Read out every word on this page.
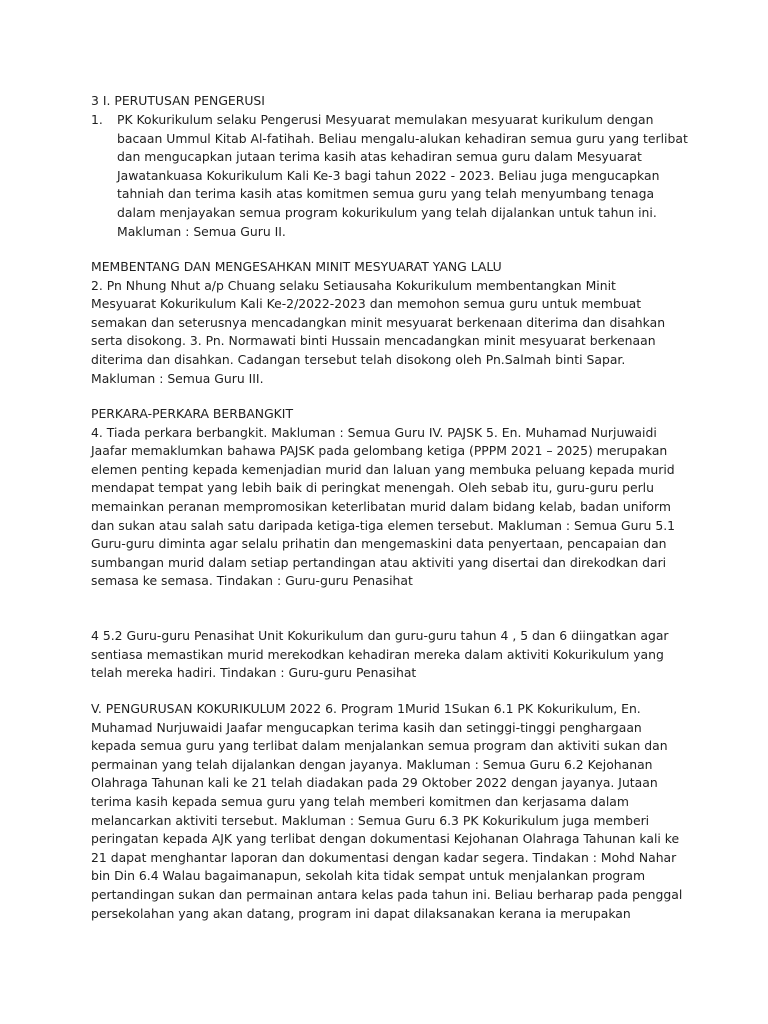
3 I. PERUTUSAN PENGERUSI
1. PK Kokurikulum selaku Pengerusi Mesyuarat memulakan mesyuarat kurikulum dengan
bacaan Ummul Kitab Al-fatihah. Beliau mengalu-alukan kehadiran semua guru yang terlibat
dan mengucapkan jutaan terima kasih atas kehadiran semua guru dalam Mesyuarat
Jawatankuasa Kokurikulum Kali Ke-3 bagi tahun 2022 - 2023. Beliau juga mengucapkan
tahniah dan terima kasih atas komitmen semua guru yang telah menyumbang tenaga
dalam menjayakan semua program kokurikulum yang telah dijalankan untuk tahun ini.
Makluman : Semua Guru II.
MEMBENTANG DAN MENGESAHKAN MINIT MESYUARAT YANG LALU
2. Pn Nhung Nhut a/p Chuang selaku Setiausaha Kokurikulum membentangkan Minit
Mesyuarat Kokurikulum Kali Ke-2/2022-2023 dan memohon semua guru untuk membuat
semakan dan seterusnya mencadangkan minit mesyuarat berkenaan diterima dan disahkan
serta disokong. 3. Pn. Normawati binti Hussain mencadangkan minit mesyuarat berkenaan
diterima dan disahkan. Cadangan tersebut telah disokong oleh Pn.Salmah binti Sapar.
Makluman : Semua Guru III.
PERKARA-PERKARA BERBANGKIT
4. Tiada perkara berbangkit. Makluman : Semua Guru IV. PAJSK 5. En. Muhamad Nurjuwaidi
Jaafar memaklumkan bahawa PAJSK pada gelombang ketiga (PPPM 2021 – 2025) merupakan
elemen penting kepada kemenjadian murid dan laluan yang membuka peluang kepada murid
mendapat tempat yang lebih baik di peringkat menengah. Oleh sebab itu, guru-guru perlu
memainkan peranan mempromosikan keterlibatan murid dalam bidang kelab, badan uniform
dan sukan atau salah satu daripada ketiga-tiga elemen tersebut. Makluman : Semua Guru 5.1
Guru-guru diminta agar selalu prihatin dan mengemaskini data penyertaan, pencapaian dan
sumbangan murid dalam setiap pertandingan atau aktiviti yang disertai dan direkodkan dari
semasa ke semasa. Tindakan : Guru-guru Penasihat
4 5.2 Guru-guru Penasihat Unit Kokurikulum dan guru-guru tahun 4 , 5 dan 6 diingatkan agar
sentiasa memastikan murid merekodkan kehadiran mereka dalam aktiviti Kokurikulum yang
telah mereka hadiri. Tindakan : Guru-guru Penasihat
V. PENGURUSAN KOKURIKULUM 2022 6. Program 1Murid 1Sukan 6.1 PK Kokurikulum, En.
Muhamad Nurjuwaidi Jaafar mengucapkan terima kasih dan setinggi-tinggi penghargaan
kepada semua guru yang terlibat dalam menjalankan semua program dan aktiviti sukan dan
permainan yang telah dijalankan dengan jayanya. Makluman : Semua Guru 6.2 Kejohanan
Olahraga Tahunan kali ke 21 telah diadakan pada 29 Oktober 2022 dengan jayanya. Jutaan
terima kasih kepada semua guru yang telah memberi komitmen dan kerjasama dalam
melancarkan aktiviti tersebut. Makluman : Semua Guru 6.3 PK Kokurikulum juga memberi
peringatan kepada AJK yang terlibat dengan dokumentasi Kejohanan Olahraga Tahunan kali ke
21 dapat menghantar laporan dan dokumentasi dengan kadar segera. Tindakan : Mohd Nahar
bin Din 6.4 Walau bagaimanapun, sekolah kita tidak sempat untuk menjalankan program
pertandingan sukan dan permainan antara kelas pada tahun ini. Beliau berharap pada penggal
persekolahan yang akan datang, program ini dapat dilaksanakan kerana ia merupakan
